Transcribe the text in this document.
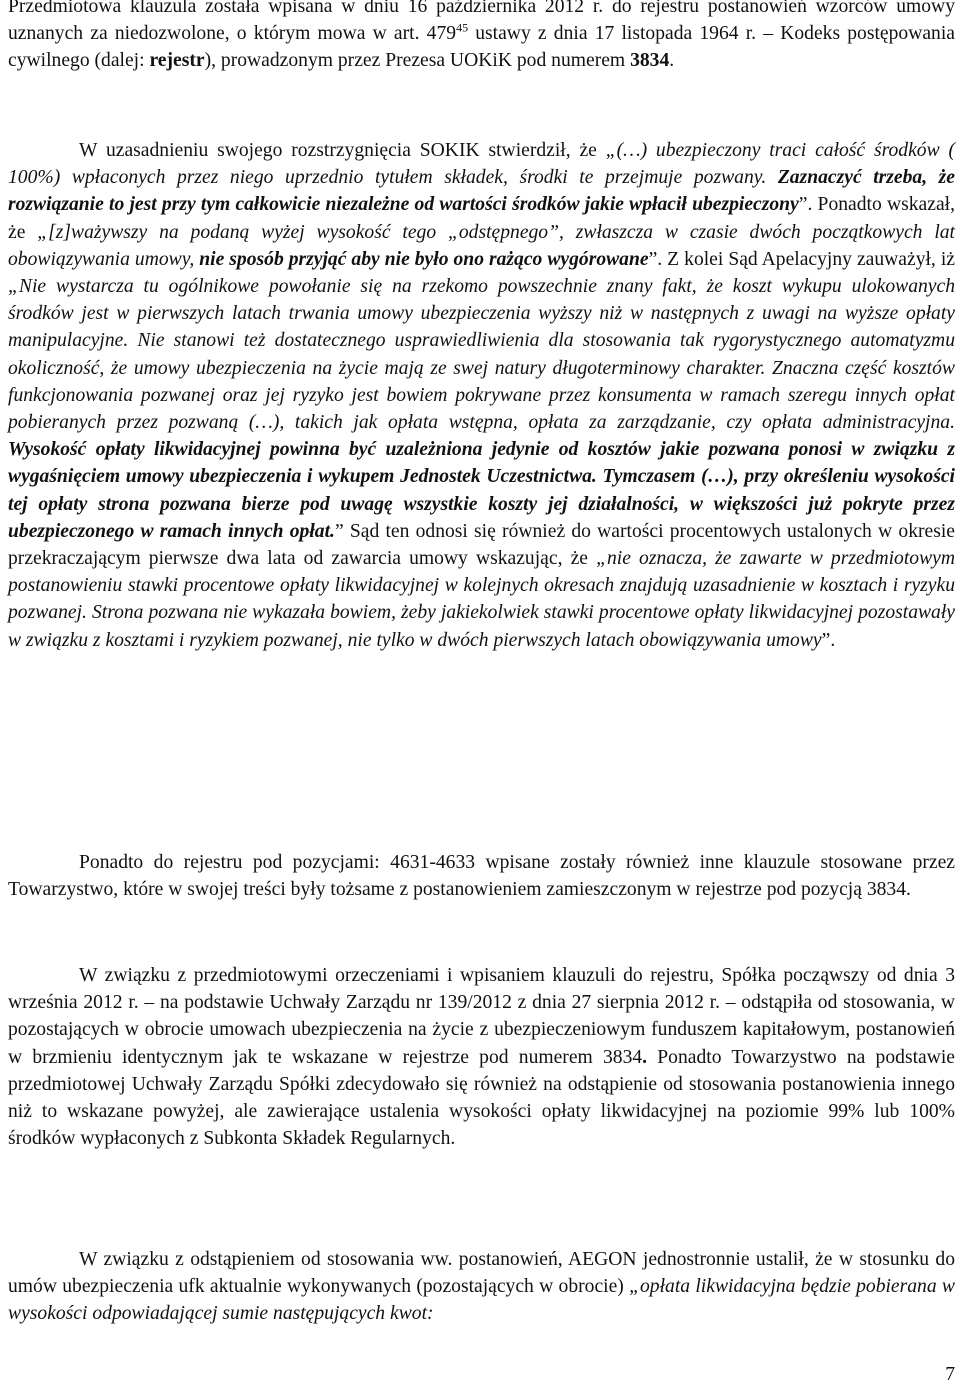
Przedmiotowa klauzula została wpisana w dniu 16 października 2012 r. do rejestru postanowień wzorców umowy uznanych za niedozwolone, o którym mowa w art. $479^{45}$ ustawy z dnia 17 listopada 1964 r. – Kodeks postępowania cywilnego (dalej: rejestr), prowadzonym przez Prezesa UOKiK pod numerem 3834.

W uzasadnieniu swojego rozstrzygnięcia SOKIK stwierdził, że „(…) ubezpieczony traci całość środków ( 100%) wpłaconych przez niego uprzednio tytułem składek, środki te przejmuje pozwany. Zaznaczyć trzeba, że rozwiązanie to jest przy tym całkowicie niezależne od wartości środków jakie wpłacił ubezpieczony”. Ponadto wskazał, że „[z]ważywszy na podaną wyżej wysokość tego „odstępnego”, zwłaszcza w czasie dwóch początkowych lat obowiązywania umowy, nie sposób przyjąć aby nie było ono rażąco wygórowane”. Z kolei Sąd Apelacyjny zauważył, iż „Nie wystarcza tu ogólnikowe powołanie się na rzekomo powszechnie znany fakt, że koszt wykupu ulokowanych środków jest w pierwszych latach trwania umowy ubezpieczenia wyższy niż w następnych z uwagi na wyższe opłaty manipulacyjne. Nie stanowi też dostatecznego usprawiedliwienia dla stosowania tak rygorystycznego automatyzmu okoliczność, że umowy ubezpieczenia na życie mają ze swej natury długoterminowy charakter. Znaczna część kosztów funkcjonowania pozwanej oraz jej ryzyko jest bowiem pokrywane przez konsumenta w ramach szeregu innych opłat pobieranych przez pozwaną (…), takich jak opłata wstępna, opłata za zarządzanie, czy opłata administracyjna. Wysokość opłaty likwidacyjnej powinna być uzależniona jedynie od kosztów jakie pozwana ponosi w związku z wygaśnięciem umowy ubezpieczenia i wykupem Jednostek Uczestnictwa. Tymczasem (…), przy określeniu wysokości tej opłaty strona pozwana bierze pod uwagę wszystkie koszty jej działalności, w większości już pokryte przez ubezpieczonego w ramach innych opłat.” Sąd ten odnosi się również do wartości procentowych ustalonych w okresie przekraczającym pierwsze dwa lata od zawarcia umowy wskazując, że „nie oznacza, że zawarte w przedmiotowym postanowieniu stawki procentowe opłaty likwidacyjnej w kolejnych okresach znajdują uzasadnienie w kosztach i ryzyku pozwanej. Strona pozwana nie wykazała bowiem, żeby jakiekolwiek stawki procentowe opłaty likwidacyjnej pozostawały w związku z kosztami i ryzykiem pozwanej, nie tylko w dwóch pierwszych latach obowiązywania umowy”.

Ponadto do rejestru pod pozycjami: 4631-4633 wpisane zostały również inne klauzule stosowane przez Towarzystwo, które w swojej treści były tożsame z postanowieniem zamieszczonym w rejestrze pod pozycją 3834.

W związku z przedmiotowymi orzeczeniami i wpisaniem klauzuli do rejestru, Spółka począwszy od dnia 3 września 2012 r. – na podstawie Uchwały Zarządu nr 139/2012 z dnia 27 sierpnia 2012 r. – odstąpiła od stosowania, w pozostających w obrocie umowach ubezpieczenia na życie z ubezpieczeniowym funduszem kapitałowym, postanowień w brzmieniu identycznym jak te wskazane w rejestrze pod numerem 3834. Ponadto Towarzystwo na podstawie przedmiotowej Uchwały Zarządu Spółki zdecydowało się również na odstąpienie od stosowania postanowienia innego niż to wskazane powyżej, ale zawierające ustalenia wysokości opłaty likwidacyjnej na poziomie 99% lub 100% środków wypłaconych z Subkonta Składek Regularnych.

W związku z odstąpieniem od stosowania ww. postanowień, AEGON jednostronnie ustalił, że w stosunku do umów ubezpieczenia ufk aktualnie wykonywanych (pozostających w obrocie) „opłata likwidacyjna będzie pobierana w wysokości odpowiadającej sumie następujących kwot:

7
